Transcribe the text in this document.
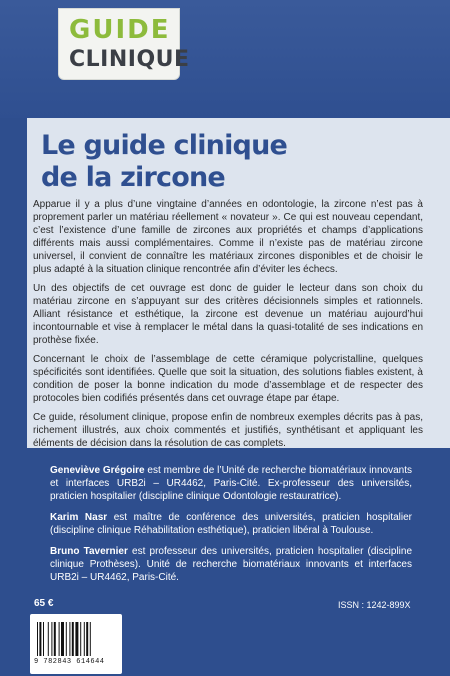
GUIDE
CLINIQUE
Le guide clinique
de la zircone

Apparue il y a plus d’une vingtaine d’années en odontologie, la zircone n’est pas à proprement parler un matériau réellement « novateur ». Ce qui est nouveau cependant, c’est l’existence d’une famille de zircones aux propriétés et champs d’applications différents mais aussi complémentaires. Comme il n’existe pas de matériau zircone universel, il convient de connaître les matériaux zircones disponibles et de choisir le plus adapté à la situation clinique rencontrée afin d’éviter les échecs.

Un des objectifs de cet ouvrage est donc de guider le lecteur dans son choix du matériau zircone en s’appuyant sur des critères décisionnels simples et rationnels. Alliant résistance et esthétique, la zircone est devenue un matériau aujourd’hui incontournable et vise à remplacer le métal dans la quasi-totalité de ses indications en prothèse fixée.

Concernant le choix de l’assemblage de cette céramique polycristalline, quelques spécificités sont identifiées. Quelle que soit la situation, des solutions fiables existent, à condition de poser la bonne indication du mode d’assemblage et de respecter des protocoles bien codifiés présentés dans cet ouvrage étape par étape.

Ce guide, résolument clinique, propose enfin de nombreux exemples décrits pas à pas, richement illustrés, aux choix commentés et justifiés, synthétisant et appliquant les éléments de décision dans la résolution de cas complets.

Geneviève Grégoire est membre de l’Unité de recherche biomatériaux innovants et interfaces URB2i – UR4462, Paris-Cité. Ex-professeur des universités, praticien hospitalier (discipline clinique Odontologie restauratrice).

Karim Nasr est maître de conférence des universités, praticien hospitalier (discipline clinique Réhabilitation esthétique), praticien libéral à Toulouse.

Bruno Tavernier est professeur des universités, praticien hospitalier (discipline clinique Prothèses). Unité de recherche biomatériaux innovants et interfaces URB2i – UR4462, Paris-Cité.

65 €	ISSN : 1242-899X
9 782843 614644
